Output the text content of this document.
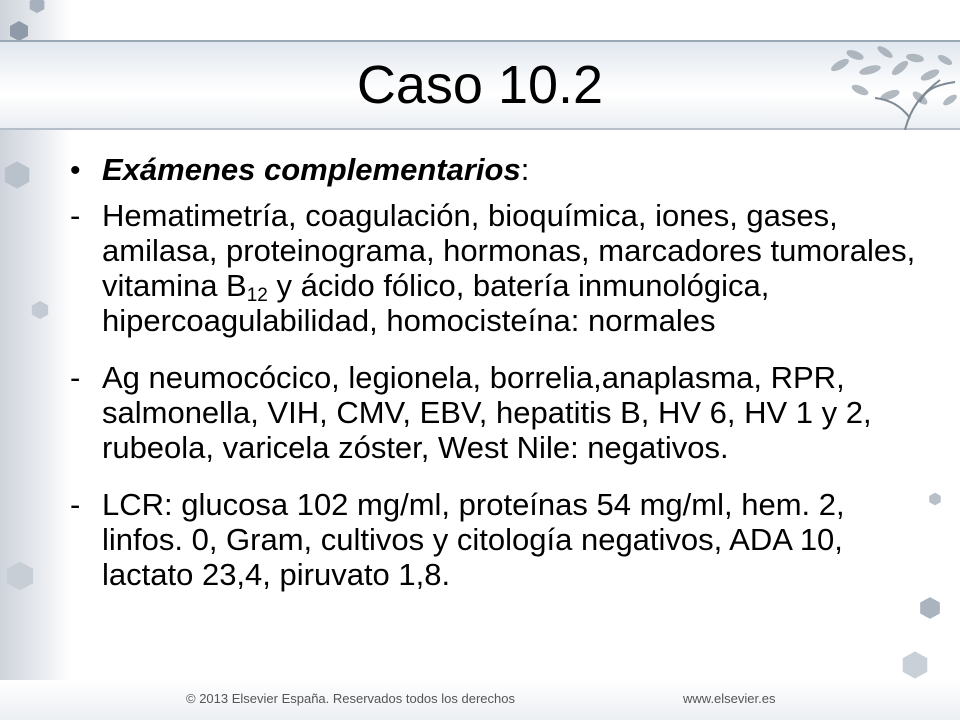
© 2013 Elsevier España. Reservados todos los derechos	www.elsevier.es
Caso 10.2
• Exámenes complementarios:
- Hematimetría, coagulación, bioquímica, iones, gases, amilasa, proteinograma, hormonas, marcadores tumorales, vitamina $B_{12}$ y ácido fólico, batería inmunológica, hipercoagulabilidad, homocisteína: normales
- Ag neumocócico, legionela, borrelia,anaplasma, RPR, salmonella, VIH, CMV, EBV, hepatitis B, HV 6, HV 1 y 2, rubeola, varicela zóster, West Nile: negativos.
- LCR: glucosa 102 mg/ml, proteínas 54 mg/ml, hem. 2, linfos. 0, Gram, cultivos y citología negativos, ADA 10, lactato 23,4, piruvato 1,8.
